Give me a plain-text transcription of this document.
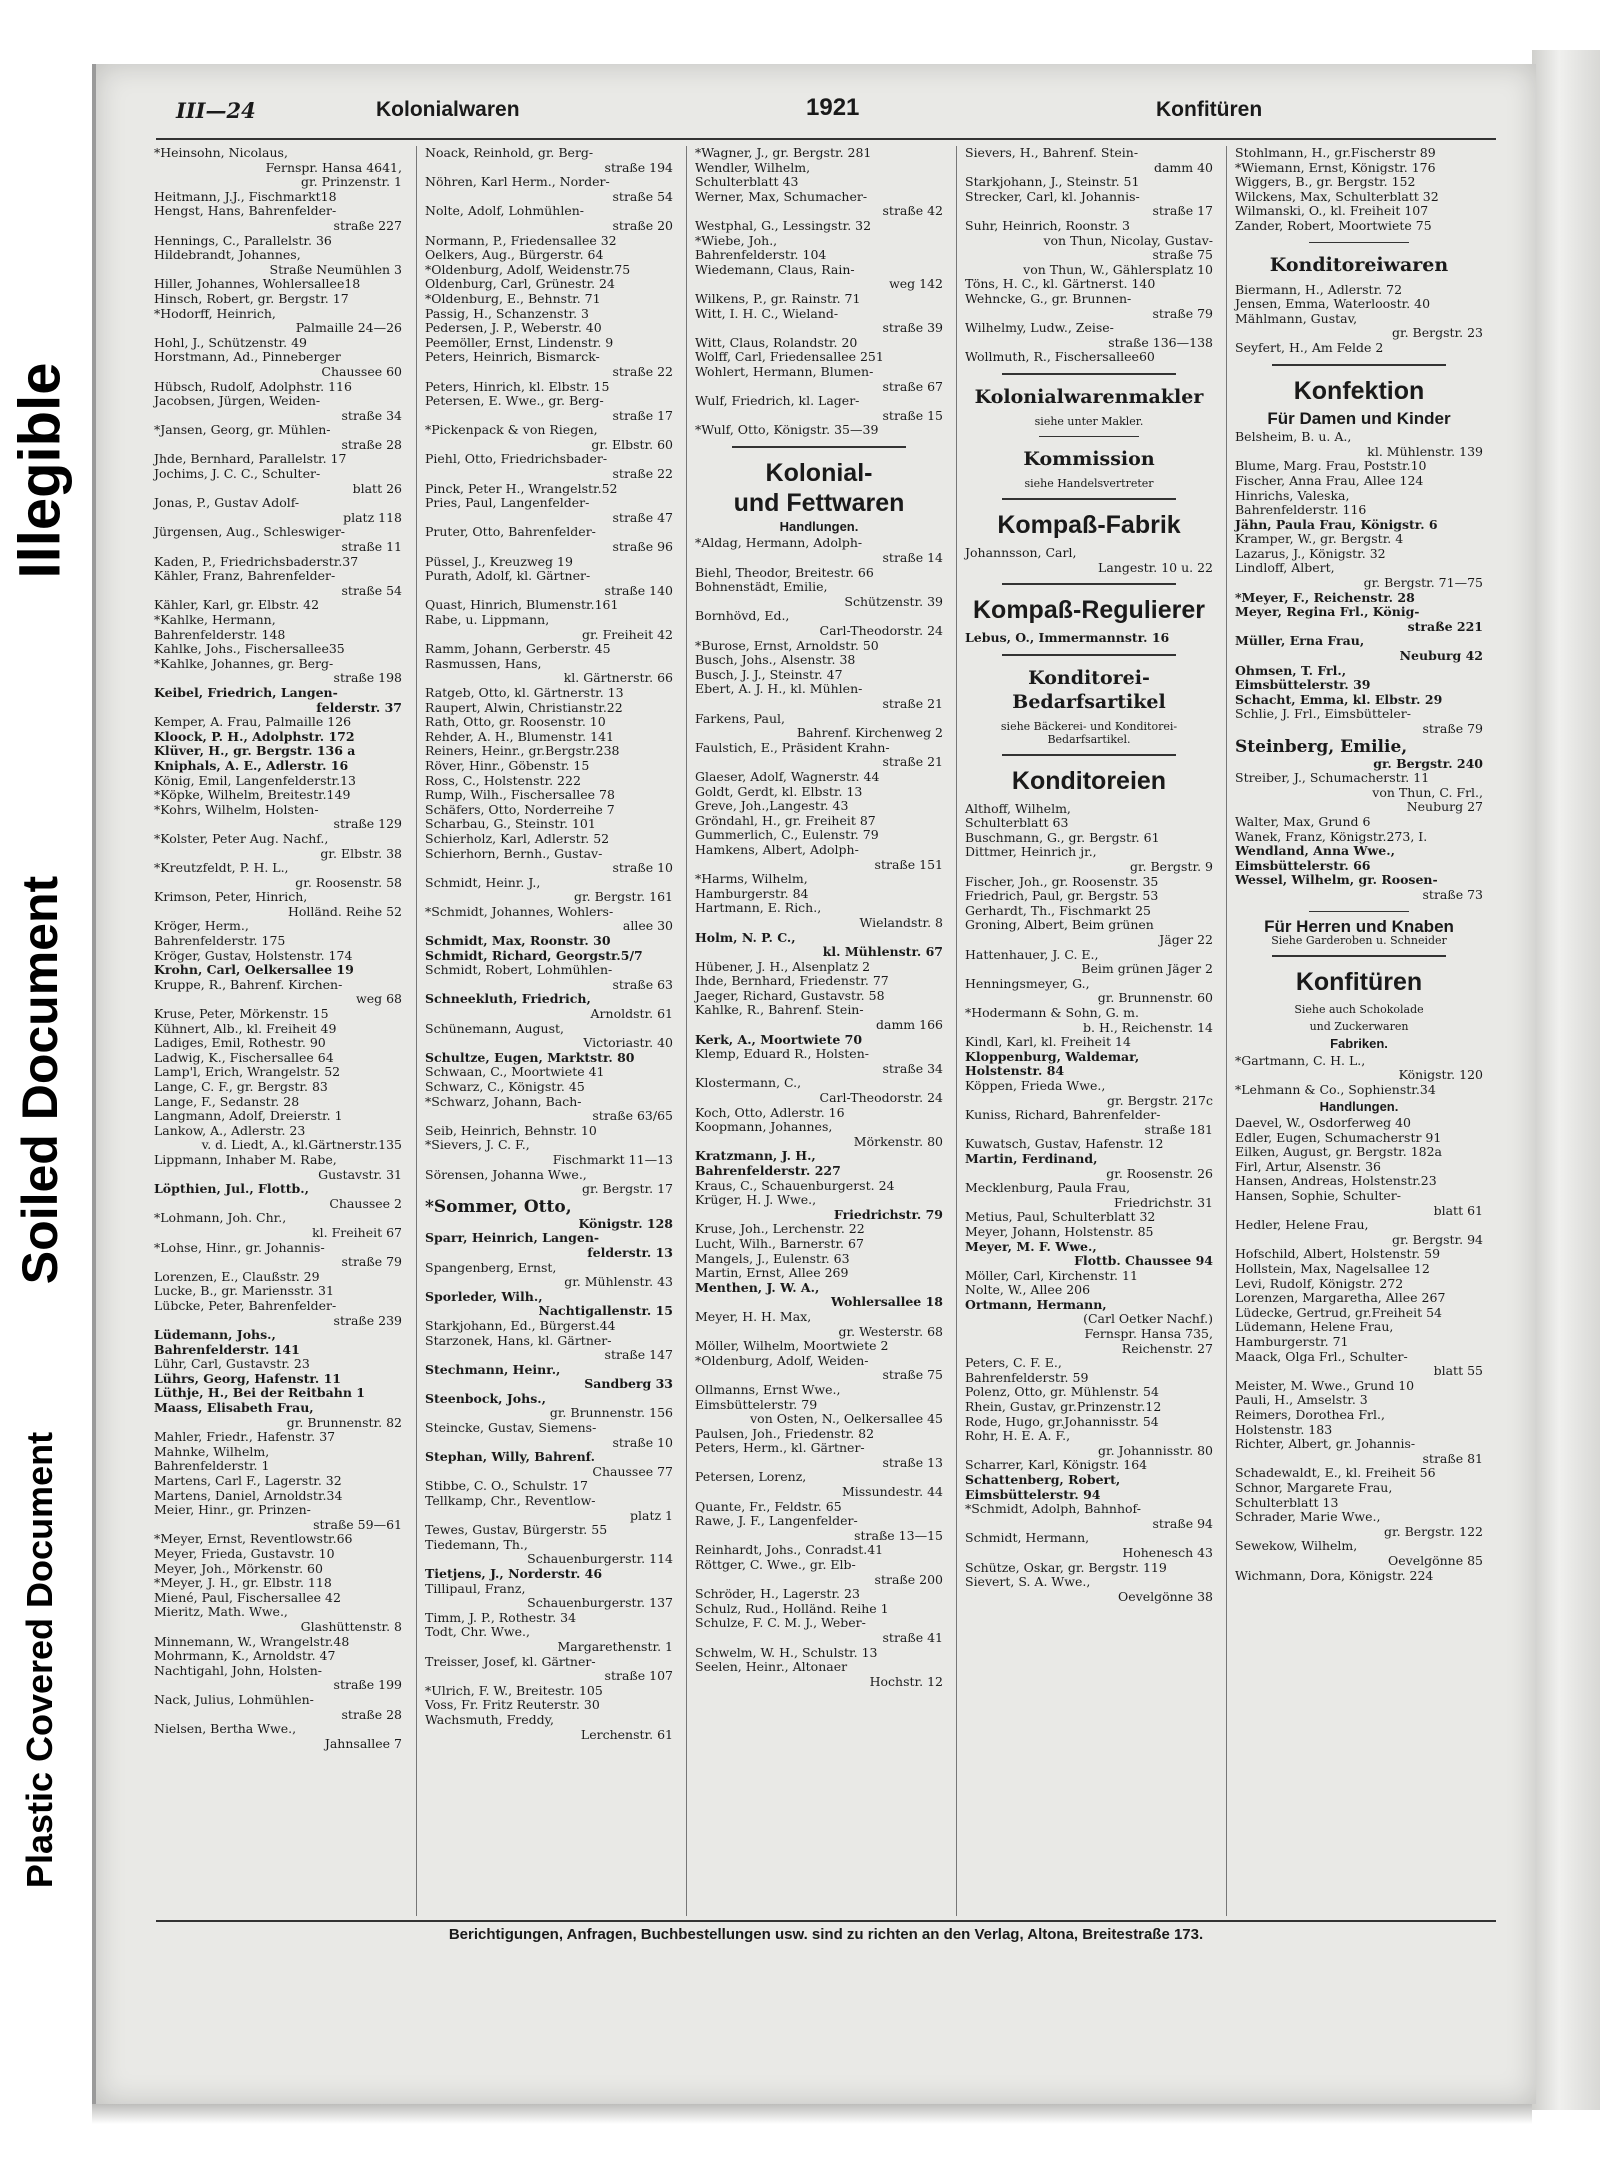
Illegible
Soiled Document
Plastic Covered Document
III—24	Kolonialwaren	1921	Konfitüren
*Heinsohn, Nicolaus,
Fernspr. Hansa 4641,
gr. Prinzenstr. 1
Heitmann, J.J., Fischmarkt18
Hengst, Hans, Bahrenfelder-
straße 227
Hennings, C., Parallelstr. 36
Hildebrandt, Johannes,
Straße Neumühlen 3
Hiller, Johannes, Wohlersallee18
Hinsch, Robert, gr. Bergstr. 17
*Hodorff, Heinrich,
Palmaille 24—26
Hohl, J., Schützenstr. 49
Horstmann, Ad., Pinneberger
Chaussee 60
Hübsch, Rudolf, Adolphstr. 116
Jacobsen, Jürgen, Weiden-
straße 34
*Jansen, Georg, gr. Mühlen-
straße 28
Jhde, Bernhard, Parallelstr. 17
Jochims, J. C. C., Schulter-
blatt 26
Jonas, P., Gustav Adolf-
platz 118
Jürgensen, Aug., Schleswiger-
straße 11
Kaden, P., Friedrichsbaderstr.37
Kähler, Franz, Bahrenfelder-
straße 54
Kähler, Karl, gr. Elbstr. 42
*Kahlke, Hermann,
Bahrenfelderstr. 148
Kahlke, Johs., Fischersallee35
*Kahlke, Johannes, gr. Berg-
straße 198
Keibel, Friedrich, Langen-
felderstr. 37
Kemper, A. Frau, Palmaille 126
Kloock, P. H., Adolphstr. 172
Klüver, H., gr. Bergstr. 136 a
Kniphals, A. E., Adlerstr. 16
König, Emil, Langenfelderstr.13
*Köpke, Wilhelm, Breitestr.149
*Kohrs, Wilhelm, Holsten-
straße 129
*Kolster, Peter Aug. Nachf.,
gr. Elbstr. 38
*Kreutzfeldt, P. H. L.,
gr. Roosenstr. 58
Krimson, Peter, Hinrich,
Holländ. Reihe 52
Kröger, Herm.,
Bahrenfelderstr. 175
Kröger, Gustav, Holstenstr. 174
Krohn, Carl, Oelkersallee 19
Kruppe, R., Bahrenf. Kirchen-
weg 68
Kruse, Peter, Mörkenstr. 15
Kühnert, Alb., kl. Freiheit 49
Ladiges, Emil, Rothestr. 90
Ladwig, K., Fischersallee 64
Lamp'l, Erich, Wrangelstr. 52
Lange, C. F., gr. Bergstr. 83
Lange, F., Sedanstr. 28
Langmann, Adolf, Dreierstr. 1
Lankow, A., Adlerstr. 23
v. d. Liedt, A., kl.Gärtnerstr.135
Lippmann, Inhaber M. Rabe,
Gustavstr. 31
Löpthien, Jul., Flottb.,
Chaussee 2
*Lohmann, Joh. Chr.,
kl. Freiheit 67
*Lohse, Hinr., gr. Johannis-
straße 79
Lorenzen, E., Claußstr. 29
Lucke, B., gr. Mariensstr. 31
Lübcke, Peter, Bahrenfelder-
straße 239
Lüdemann, Johs.,
Bahrenfelderstr. 141
Lühr, Carl, Gustavstr. 23
Lührs, Georg, Hafenstr. 11
Lüthje, H., Bei der Reitbahn 1
Maass, Elisabeth Frau,
gr. Brunnenstr. 82
Mahler, Friedr., Hafenstr. 37
Mahnke, Wilhelm,
Bahrenfelderstr. 1
Martens, Carl F., Lagerstr. 32
Martens, Daniel, Arnoldstr.34
Meier, Hinr., gr. Prinzen-
straße 59—61
*Meyer, Ernst, Reventlowstr.66
Meyer, Frieda, Gustavstr. 10
Meyer, Joh., Mörkenstr. 60
*Meyer, J. H., gr. Elbstr. 118
Miené, Paul, Fischersallee 42
Mieritz, Math. Wwe.,
Glashüttenstr. 8
Minnemann, W., Wrangelstr.48
Mohrmann, K., Arnoldstr. 47
Nachtigahl, John, Holsten-
straße 199
Nack, Julius, Lohmühlen-
straße 28
Nielsen, Bertha Wwe.,
Jahnsallee 7
Noack, Reinhold, gr. Berg-
straße 194
Nöhren, Karl Herm., Norder-
straße 54
Nolte, Adolf, Lohmühlen-
straße 20
Normann, P., Friedensallee 32
Oelkers, Aug., Bürgerstr. 64
*Oldenburg, Adolf, Weidenstr.75
Oldenburg, Carl, Grünestr. 24
*Oldenburg, E., Behnstr. 71
Passig, H., Schanzenstr. 3
Pedersen, J. P., Weberstr. 40
Peemöller, Ernst, Lindenstr. 9
Peters, Heinrich, Bismarck-
straße 22
Peters, Hinrich, kl. Elbstr. 15
Petersen, E. Wwe., gr. Berg-
straße 17
*Pickenpack & von Riegen,
gr. Elbstr. 60
Piehl, Otto, Friedrichsbader-
straße 22
Pinck, Peter H., Wrangelstr.52
Pries, Paul, Langenfelder-
straße 47
Pruter, Otto, Bahrenfelder-
straße 96
Püssel, J., Kreuzweg 19
Purath, Adolf, kl. Gärtner-
straße 140
Quast, Hinrich, Blumenstr.161
Rabe, u. Lippmann,
gr. Freiheit 42
Ramm, Johann, Gerberstr. 45
Rasmussen, Hans,
kl. Gärtnerstr. 66
Ratgeb, Otto, kl. Gärtnerstr. 13
Raupert, Alwin, Christianstr.22
Rath, Otto, gr. Roosenstr. 10
Rehder, A. H., Blumenstr. 141
Reiners, Heinr., gr.Bergstr.238
Röver, Hinr., Göbenstr. 15
Ross, C., Holstenstr. 222
Rump, Wilh., Fischersallee 78
Schäfers, Otto, Norderreihe 7
Scharbau, G., Steinstr. 101
Schierholz, Karl, Adlerstr. 52
Schierhorn, Bernh., Gustav-
straße 10
Schmidt, Heinr. J.,
gr. Bergstr. 161
*Schmidt, Johannes, Wohlers-
allee 30
Schmidt, Max, Roonstr. 30
Schmidt, Richard, Georgstr.5/7
Schmidt, Robert, Lohmühlen-
straße 63
Schneekluth, Friedrich,
Arnoldstr. 61
Schünemann, August,
Victoriastr. 40
Schultze, Eugen, Marktstr. 80
Schwaan, C., Moortwiete 41
Schwarz, C., Königstr. 45
*Schwarz, Johann, Bach-
straße 63/65
Seib, Heinrich, Behnstr. 10
*Sievers, J. C. F.,
Fischmarkt 11—13
Sörensen, Johanna Wwe.,
gr. Bergstr. 17
*Sommer, Otto,
Königstr. 128
Sparr, Heinrich, Langen-
felderstr. 13
Spangenberg, Ernst,
gr. Mühlenstr. 43
Sporleder, Wilh.,
Nachtigallenstr. 15
Starkjohann, Ed., Bürgerst.44
Starzonek, Hans, kl. Gärtner-
straße 147
Stechmann, Heinr.,
Sandberg 33
Steenbock, Johs.,
gr. Brunnenstr. 156
Steincke, Gustav, Siemens-
straße 10
Stephan, Willy, Bahrenf.
Chaussee 77
Stibbe, C. O., Schulstr. 17
Tellkamp, Chr., Reventlow-
platz 1
Tewes, Gustav, Bürgerstr. 55
Tiedemann, Th.,
Schauenburgerstr. 114
Tietjens, J., Norderstr. 46
Tillipaul, Franz,
Schauenburgerstr. 137
Timm, J. P., Rothestr. 34
Todt, Chr. Wwe.,
Margarethenstr. 1
Treisser, Josef, kl. Gärtner-
straße 107
*Ulrich, F. W., Breitestr. 105
Voss, Fr. Fritz Reuterstr. 30
Wachsmuth, Freddy,
Lerchenstr. 61
*Wagner, J., gr. Bergstr. 281
Wendler, Wilhelm,
Schulterblatt 43
Werner, Max, Schumacher-
straße 42
Westphal, G., Lessingstr. 32
*Wiebe, Joh.,
Bahrenfelderstr. 104
Wiedemann, Claus, Rain-
weg 142
Wilkens, P., gr. Rainstr. 71
Witt, I. H. C., Wieland-
straße 39
Witt, Claus, Rolandstr. 20
Wolff, Carl, Friedensallee 251
Wohlert, Hermann, Blumen-
straße 67
Wulf, Friedrich, kl. Lager-
straße 15
*Wulf, Otto, Königstr. 35—39
Kolonial-
und Fettwaren
Handlungen.
*Aldag, Hermann, Adolph-
straße 14
Biehl, Theodor, Breitestr. 66
Bohnenstädt, Emilie,
Schützenstr. 39
Bornhövd, Ed.,
Carl-Theodorstr. 24
*Burose, Ernst, Arnoldstr. 50
Busch, Johs., Alsenstr. 38
Busch, J. J., Steinstr. 47
Ebert, A. J. H., kl. Mühlen-
straße 21
Farkens, Paul,
Bahrenf. Kirchenweg 2
Faulstich, E., Präsident Krahn-
straße 21
Glaeser, Adolf, Wagnerstr. 44
Goldt, Gerdt, kl. Elbstr. 13
Greve, Joh.,Langestr. 43
Gröndahl, H., gr. Freiheit 87
Gummerlich, C., Eulenstr. 79
Hamkens, Albert, Adolph-
straße 151
*Harms, Wilhelm,
Hamburgerstr. 84
Hartmann, E. Rich.,
Wielandstr. 8
Holm, N. P. C.,
kl. Mühlenstr. 67
Hübener, J. H., Alsenplatz 2
Ihde, Bernhard, Friedenstr. 77
Jaeger, Richard, Gustavstr. 58
Kahlke, R., Bahrenf. Stein-
damm 166
Kerk, A., Moortwiete 70
Klemp, Eduard R., Holsten-
straße 34
Klostermann, C.,
Carl-Theodorstr. 24
Koch, Otto, Adlerstr. 16
Koopmann, Johannes,
Mörkenstr. 80
Kratzmann, J. H.,
Bahrenfelderstr. 227
Kraus, C., Schauenburgerst. 24
Krüger, H. J. Wwe.,
Friedrichstr. 79
Kruse, Joh., Lerchenstr. 22
Lucht, Wilh., Barnerstr. 67
Mangels, J., Eulenstr. 63
Martin, Ernst, Allee 269
Menthen, J. W. A.,
Wohlersallee 18
Meyer, H. H. Max,
gr. Westerstr. 68
Möller, Wilhelm, Moortwiete 2
*Oldenburg, Adolf, Weiden-
straße 75
Ollmanns, Ernst Wwe.,
Eimsbüttelerstr. 79
von Osten, N., Oelkersallee 45
Paulsen, Joh., Friedenstr. 82
Peters, Herm., kl. Gärtner-
straße 13
Petersen, Lorenz,
Missundestr. 44
Quante, Fr., Feldstr. 65
Rawe, J. F., Langenfelder-
straße 13—15
Reinhardt, Johs., Conradst.41
Röttger, C. Wwe., gr. Elb-
straße 200
Schröder, H., Lagerstr. 23
Schulz, Rud., Holländ. Reihe 1
Schulze, F. C. M. J., Weber-
straße 41
Schwelm, W. H., Schulstr. 13
Seelen, Heinr., Altonaer
Hochstr. 12
Sievers, H., Bahrenf. Stein-
damm 40
Starkjohann, J., Steinstr. 51
Strecker, Carl, kl. Johannis-
straße 17
Suhr, Heinrich, Roonstr. 3
von Thun, Nicolay, Gustav-
straße 75
von Thun, W., Gählersplatz 10
Töns, H. C., kl. Gärtnerst. 140
Wehncke, G., gr. Brunnen-
straße 79
Wilhelmy, Ludw., Zeise-
straße 136—138
Wollmuth, R., Fischersallee60
Kolonialwarenmakler
siehe unter Makler.
Kommission
siehe Handelsvertreter
Kompaß-Fabrik
Johannsson, Carl,
Langestr. 10 u. 22
Kompaß-Regulierer
Lebus, O., Immermannstr. 16
Konditorei-Bedarfsartikel
siehe Bäckerei- und Konditorei-Bedarfsartikel.
Konditoreien
Althoff, Wilhelm,
Schulterblatt 63
Buschmann, G., gr. Bergstr. 61
Dittmer, Heinrich jr.,
gr. Bergstr. 9
Fischer, Joh., gr. Roosenstr. 35
Friedrich, Paul, gr. Bergstr. 53
Gerhardt, Th., Fischmarkt 25
Groning, Albert, Beim grünen
Jäger 22
Hattenhauer, J. C. E.,
Beim grünen Jäger 2
Henningsmeyer, G.,
gr. Brunnenstr. 60
*Hodermann & Sohn, G. m.
b. H., Reichenstr. 14
Kindl, Karl, kl. Freiheit 14
Kloppenburg, Waldemar,
Holstenstr. 84
Köppen, Frieda Wwe.,
gr. Bergstr. 217c
Kuniss, Richard, Bahrenfelder-
straße 181
Kuwatsch, Gustav, Hafenstr. 12
Martin, Ferdinand,
gr. Roosenstr. 26
Mecklenburg, Paula Frau,
Friedrichstr. 31
Metius, Paul, Schulterblatt 32
Meyer, Johann, Holstenstr. 85
Meyer, M. F. Wwe.,
Flottb. Chaussee 94
Möller, Carl, Kirchenstr. 11
Nolte, W., Allee 206
Ortmann, Hermann,
(Carl Oetker Nachf.)
Fernspr. Hansa 735,
Reichenstr. 27
Peters, C. F. E.,
Bahrenfelderstr. 59
Polenz, Otto, gr. Mühlenstr. 54
Rhein, Gustav, gr.Prinzenstr.12
Rode, Hugo, gr.Johannisstr. 54
Rohr, H. E. A. F.,
gr. Johannisstr. 80
Scharrer, Karl, Königstr. 164
Schattenberg, Robert,
Eimsbüttelerstr. 94
*Schmidt, Adolph, Bahnhof-
straße 94
Schmidt, Hermann,
Hohenesch 43
Schütze, Oskar, gr. Bergstr. 119
Sievert, S. A. Wwe.,
Oevelgönne 38
Stohlmann, H., gr.Fischerstr 89
*Wiemann, Ernst, Königstr. 176
Wiggers, B., gr. Bergstr. 152
Wilckens, Max, Schulterblatt 32
Wilmanski, O., kl. Freiheit 107
Zander, Robert, Moortwiete 75
Konditoreiwaren
Biermann, H., Adlerstr. 72
Jensen, Emma, Waterloostr. 40
Mählmann, Gustav,
gr. Bergstr. 23
Seyfert, H., Am Felde 2
Konfektion
Für Damen und Kinder
Belsheim, B. u. A.,
kl. Mühlenstr. 139
Blume, Marg. Frau, Poststr.10
Fischer, Anna Frau, Allee 124
Hinrichs, Valeska,
Bahrenfelderstr. 116
Jähn, Paula Frau, Königstr. 6
Kramper, W., gr. Bergstr. 4
Lazarus, J., Königstr. 32
Lindloff, Albert,
gr. Bergstr. 71—75
*Meyer, F., Reichenstr. 28
Meyer, Regina Frl., König-
straße 221
Müller, Erna Frau,
Neuburg 42
Ohmsen, T. Frl.,
Eimsbüttelerstr. 39
Schacht, Emma, kl. Elbstr. 29
Schlie, J. Frl., Eimsbütteler-
straße 79
Steinberg, Emilie,
gr. Bergstr. 240
Streiber, J., Schumacherstr. 11
von Thun, C. Frl.,
Neuburg 27
Walter, Max, Grund 6
Wanek, Franz, Königstr.273, I.
Wendland, Anna Wwe.,
Eimsbüttelerstr. 66
Wessel, Wilhelm, gr. Roosen-
straße 73
Für Herren und Knaben
Siehe Garderoben u. Schneider
Konfitüren
Siehe auch Schokolade
und Zuckerwaren
Fabriken.
*Gartmann, C. H. L.,
Königstr. 120
*Lehmann & Co., Sophienstr.34
Handlungen.
Daevel, W., Osdorferweg 40
Edler, Eugen, Schumacherstr 91
Eilken, August, gr. Bergstr. 182a
Firl, Artur, Alsenstr. 36
Hansen, Andreas, Holstenstr.23
Hansen, Sophie, Schulter-
blatt 61
Hedler, Helene Frau,
gr. Bergstr. 94
Hofschild, Albert, Holstenstr. 59
Hollstein, Max, Nagelsallee 12
Levi, Rudolf, Königstr. 272
Lorenzen, Margaretha, Allee 267
Lüdecke, Gertrud, gr.Freiheit 54
Lüdemann, Helene Frau,
Hamburgerstr. 71
Maack, Olga Frl., Schulter-
blatt 55
Meister, M. Wwe., Grund 10
Pauli, H., Amselstr. 3
Reimers, Dorothea Frl.,
Holstenstr. 183
Richter, Albert, gr. Johannis-
straße 81
Schadewaldt, E., kl. Freiheit 56
Schnor, Margarete Frau,
Schulterblatt 13
Schrader, Marie Wwe.,
gr. Bergstr. 122
Sewekow, Wilhelm,
Oevelgönne 85
Wichmann, Dora, Königstr. 224
Berichtigungen, Anfragen, Buchbestellungen usw. sind zu richten an den Verlag, Altona, Breitestraße 173.
